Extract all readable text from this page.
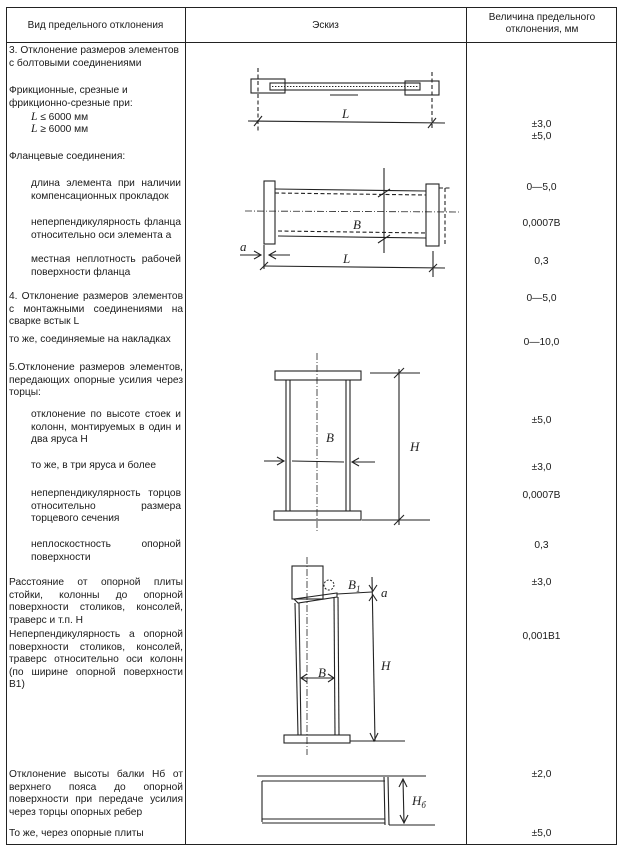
Вид предельного отклонения	Эскиз
Величина предельного отклонения, мм
3. Отклонение размеров элементов с болтовыми соединениями
Фрикционные, срезные и фрикционно-срезные при:
L ≤ 6000 мм
L ≥ 6000 мм
Фланцевые соединения:
длина элемента при наличии компенсационных прокладок
неперпендикулярность фланца относительно оси элемента a
местная неплотность рабочей поверхности фланца
4. Отклонение размеров элементов с монтажными соединениями на сварке встык L
то же, соединяемые на накладках
5.Отклонение размеров элементов, передающих опорные усилия через торцы:
отклонение по высоте стоек и колонн, монтируемых в один и два яруса H
то же, в три яруса и более
неперпендикулярность торцов относительно размера торцевого сечения
неплоскостность опорной поверхности
Расстояние от опорной плиты стойки, колонны до опорной поверхности столиков, консолей, траверс и т.п. H
Неперпендикулярность a опорной поверхности столиков, консолей, траверс относительно оси колонн (по ширине опорной поверхности B1)
Отклонение высоты балки Hб от верхнего пояса до опорной поверхности при передаче усилия через торцы опорных ребер
То же, через опорные плиты
±3,0
±5,0
0—5,0
0,0007B
0,3
0—5,0
0—10,0
±5,0
±3,0
0,0007B
0,3
±3,0
0,001B1
±2,0
±5,0
L
B
a
L
B
H
$B_1$ a
H
B
$H_б$
